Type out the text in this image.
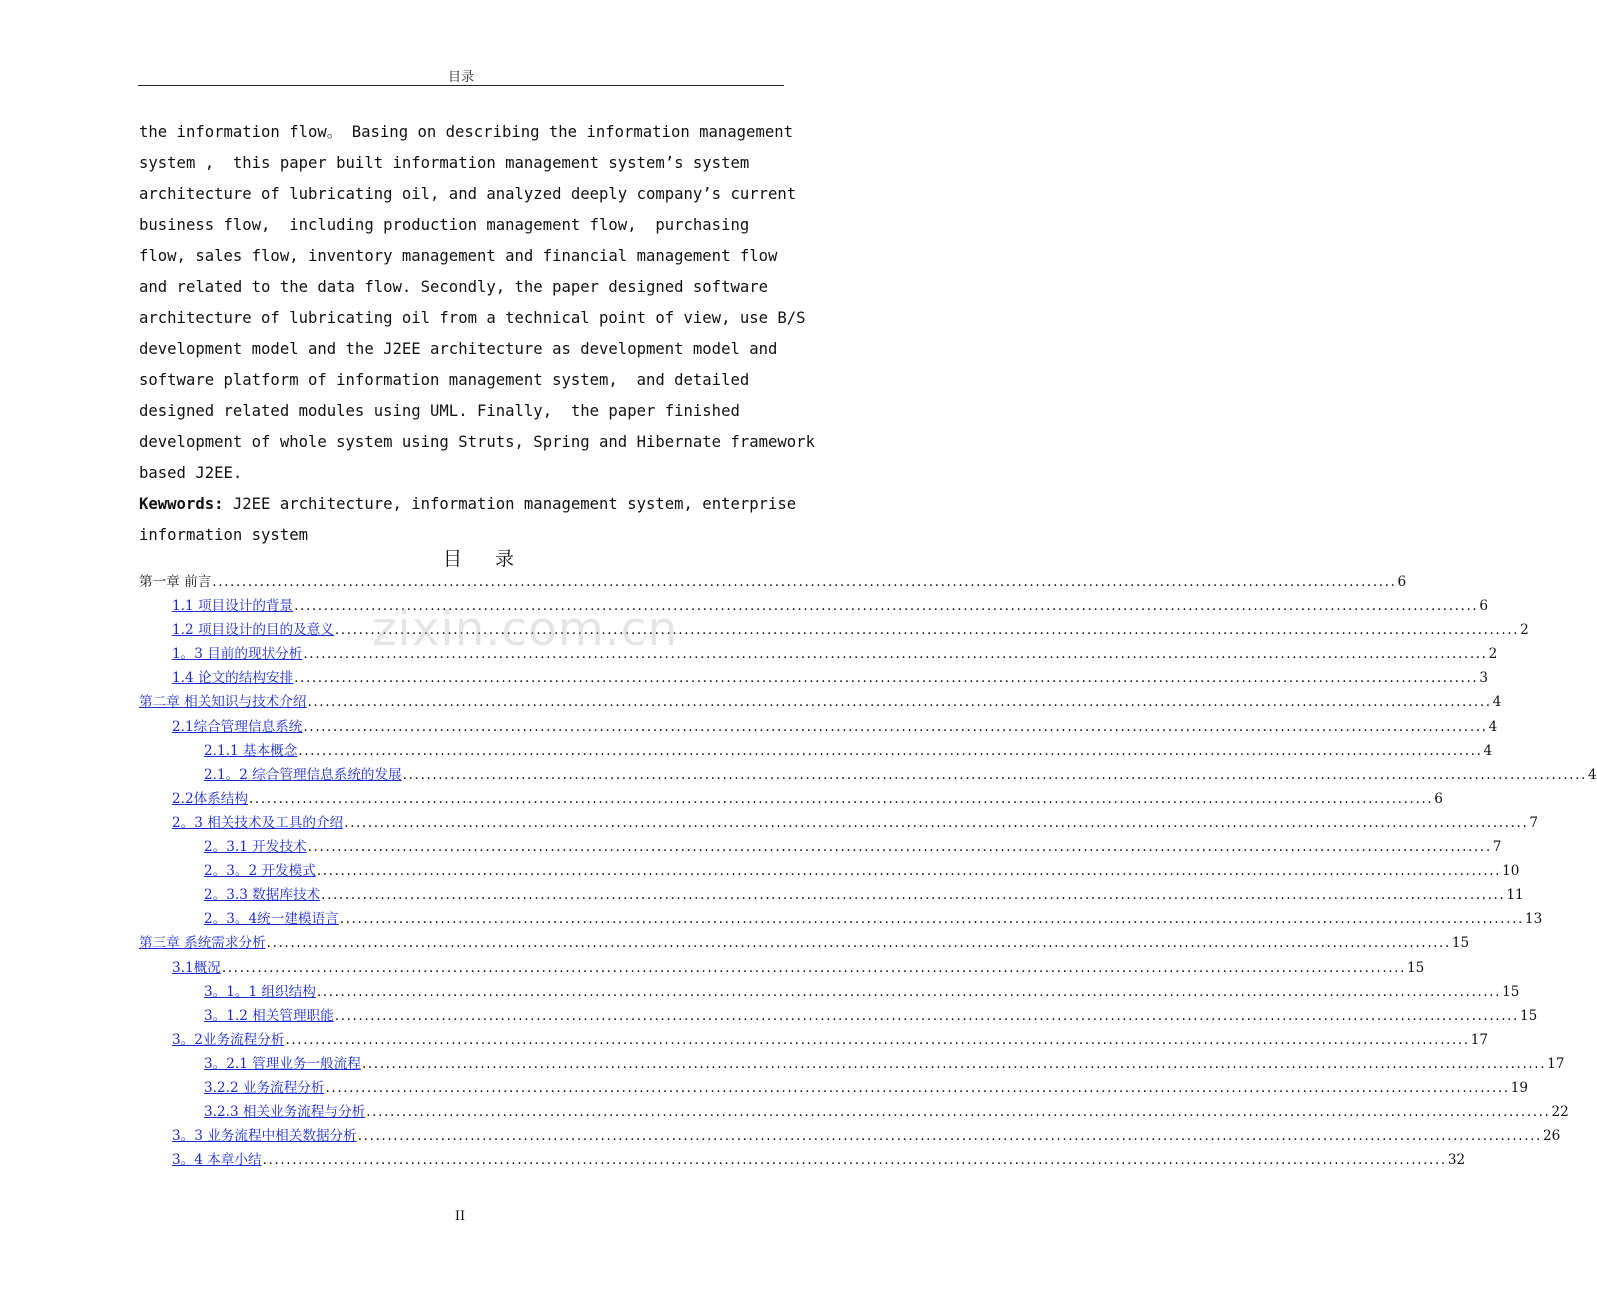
目录
the information flow。 Basing on describing the information management
system ,  this paper built information management system’s system
architecture of lubricating oil, and analyzed deeply company’s current
business flow,  including production management flow,  purchasing
flow, sales flow, inventory management and financial management flow
and related to the data flow. Secondly, the paper designed software
architecture of lubricating oil from a technical point of view, use B/S
development model and the J2EE architecture as development model and
software platform of information management system,  and detailed
designed related modules using UML. Finally,  the paper finished
development of whole system using Struts, Spring and Hibernate framework
based J2EE.
Kewwords: J2EE architecture, information management system, enterprise
information system
目 录
第一章 前言 ........................................................................................................................................................................................................ 6
1.1 项目设计的背景 ........................................................................................................................................................................................................ 6
1.2 项目设计的目的及意义 ........................................................................................................................................................................................................ 2
1。3 目前的现状分析 ........................................................................................................................................................................................................ 2
1.4 论文的结构安排 ........................................................................................................................................................................................................ 3
第二章 相关知识与技术介绍 ........................................................................................................................................................................................................ 4
2.1综合管理信息系统 ........................................................................................................................................................................................................ 4
2.1.1 基本概念 ........................................................................................................................................................................................................ 4
2.1。2 综合管理信息系统的发展 ........................................................................................................................................................................................................ 4
2.2体系结构 ........................................................................................................................................................................................................ 6
2。3 相关技术及工具的介绍 ........................................................................................................................................................................................................ 7
2。3.1 开发技术 ........................................................................................................................................................................................................ 7
2。3。2 开发模式 ........................................................................................................................................................................................................ 10
2。3.3 数据库技术 ........................................................................................................................................................................................................ 11
2。3。4统一建模语言 ........................................................................................................................................................................................................ 13
第三章 系统需求分析 ........................................................................................................................................................................................................ 15
3.1概况 ........................................................................................................................................................................................................ 15
3。1。1 组织结构 ........................................................................................................................................................................................................ 15
3。1.2 相关管理职能 ........................................................................................................................................................................................................ 15
3。2业务流程分析 ........................................................................................................................................................................................................ 17
3。2.1 管理业务一般流程 ........................................................................................................................................................................................................ 17
3.2.2 业务流程分析 ........................................................................................................................................................................................................ 19
3.2.3 相关业务流程与分析 ........................................................................................................................................................................................................ 22
3。3 业务流程中相关数据分析 ........................................................................................................................................................................................................ 26
3。4 本章小结 ........................................................................................................................................................................................................ 32
zixin.com.cn
II
